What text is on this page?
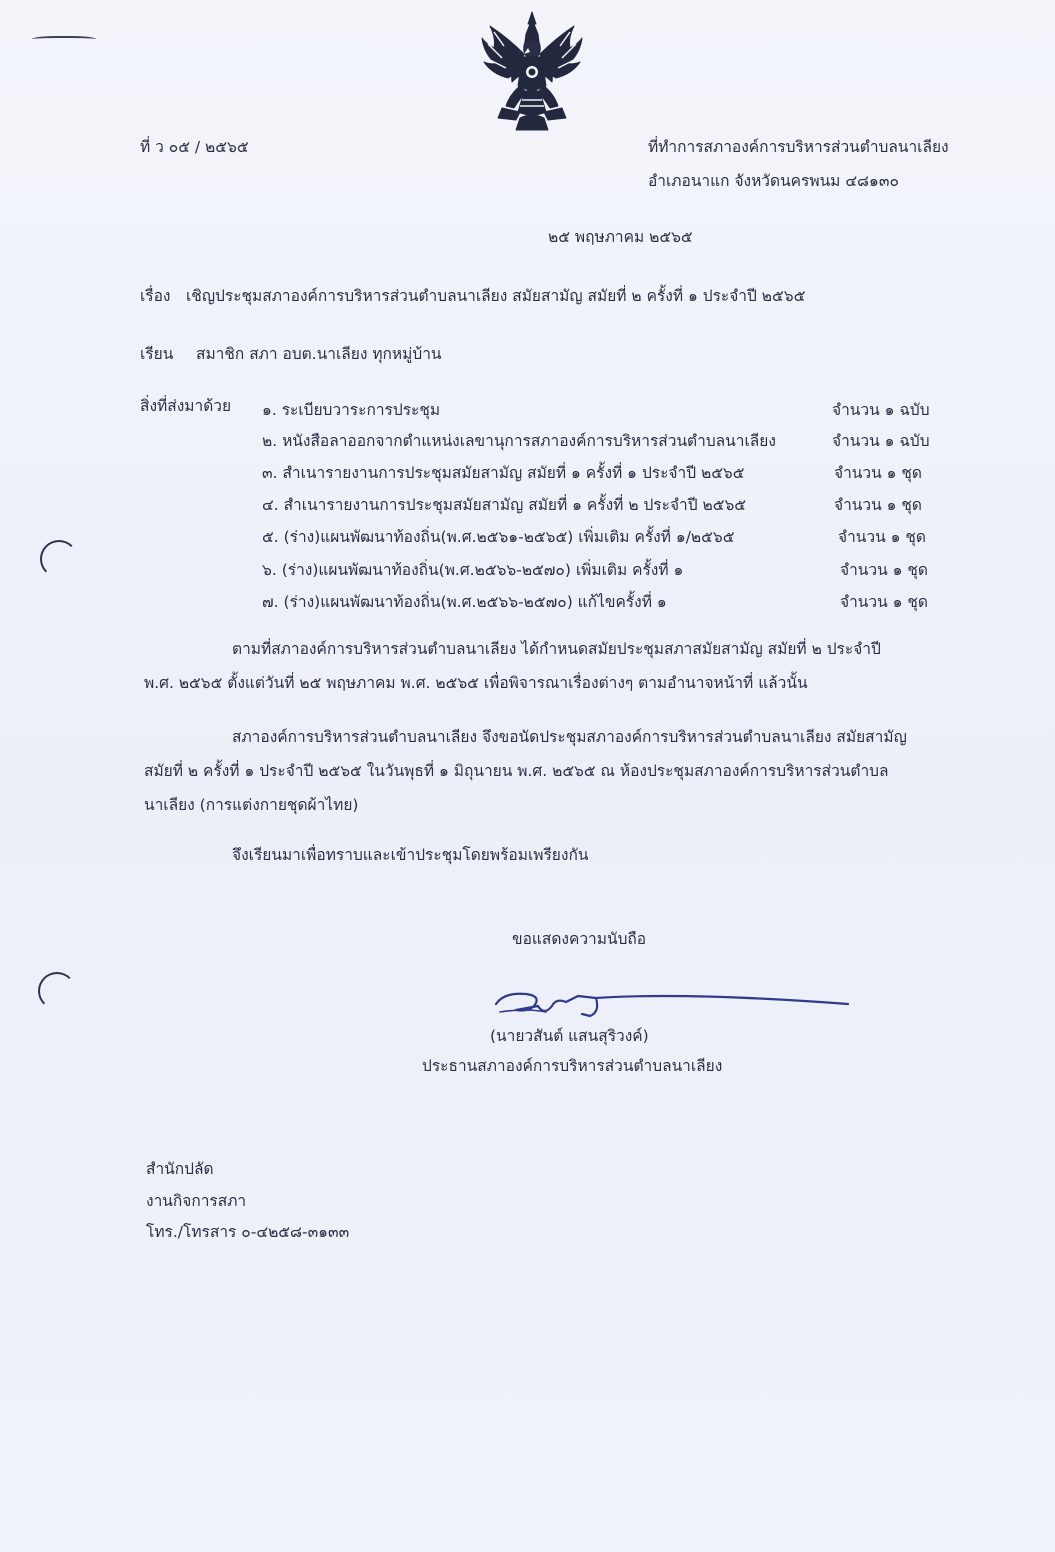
ที่ ว ๐๕ / ๒๕๖๕	ที่ทำการสภาองค์การบริหารส่วนตำบลนาเลียง
อำเภอนาแก จังหวัดนครพนม ๔๘๑๓๐
๒๕ พฤษภาคม ๒๕๖๕
เรื่อง เชิญประชุมสภาองค์การบริหารส่วนตำบลนาเลียง สมัยสามัญ สมัยที่ ๒ ครั้งที่ ๑ ประจำปี ๒๕๖๕
เรียน สมาชิก สภา อบต.นาเลียง ทุกหมู่บ้าน
สิ่งที่ส่งมาด้วย ๑. ระเบียบวาระการประชุม	จำนวน ๑ ฉบับ
๒. หนังสือลาออกจากตำแหน่งเลขานุการสภาองค์การบริหารส่วนตำบลนาเลียง	จำนวน ๑ ฉบับ
๓. สำเนารายงานการประชุมสมัยสามัญ สมัยที่ ๑ ครั้งที่ ๑ ประจำปี ๒๕๖๕	จำนวน ๑ ชุด
๔. สำเนารายงานการประชุมสมัยสามัญ สมัยที่ ๑ ครั้งที่ ๒ ประจำปี ๒๕๖๕	จำนวน ๑ ชุด
๕. (ร่าง)แผนพัฒนาท้องถิ่น(พ.ศ.๒๕๖๑-๒๕๖๕) เพิ่มเติม ครั้งที่ ๑/๒๕๖๕	จำนวน ๑ ชุด
๖. (ร่าง)แผนพัฒนาท้องถิ่น(พ.ศ.๒๕๖๖-๒๕๗๐) เพิ่มเติม ครั้งที่ ๑	จำนวน ๑ ชุด
๗. (ร่าง)แผนพัฒนาท้องถิ่น(พ.ศ.๒๕๖๖-๒๕๗๐) แก้ไขครั้งที่ ๑	จำนวน ๑ ชุด
ตามที่สภาองค์การบริหารส่วนตำบลนาเลียง ได้กำหนดสมัยประชุมสภาสมัยสามัญ สมัยที่ ๒ ประจำปี
พ.ศ. ๒๕๖๕ ตั้งแต่วันที่ ๒๕ พฤษภาคม พ.ศ. ๒๕๖๕ เพื่อพิจารณาเรื่องต่างๆ ตามอำนาจหน้าที่ แล้วนั้น
สภาองค์การบริหารส่วนตำบลนาเลียง จึงขอนัดประชุมสภาองค์การบริหารส่วนตำบลนาเลียง สมัยสามัญ
สมัยที่ ๒ ครั้งที่ ๑ ประจำปี ๒๕๖๕ ในวันพุธที่ ๑ มิถุนายน พ.ศ. ๒๕๖๕ ณ ห้องประชุมสภาองค์การบริหารส่วนตำบล
นาเลียง (การแต่งกายชุดผ้าไทย)
จึงเรียนมาเพื่อทราบและเข้าประชุมโดยพร้อมเพรียงกัน
ขอแสดงความนับถือ
(นายวสันต์ แสนสุริวงค์)
ประธานสภาองค์การบริหารส่วนตำบลนาเลียง
สำนักปลัด
งานกิจการสภา
โทร./โทรสาร ๐-๔๒๕๘-๓๑๓๓
